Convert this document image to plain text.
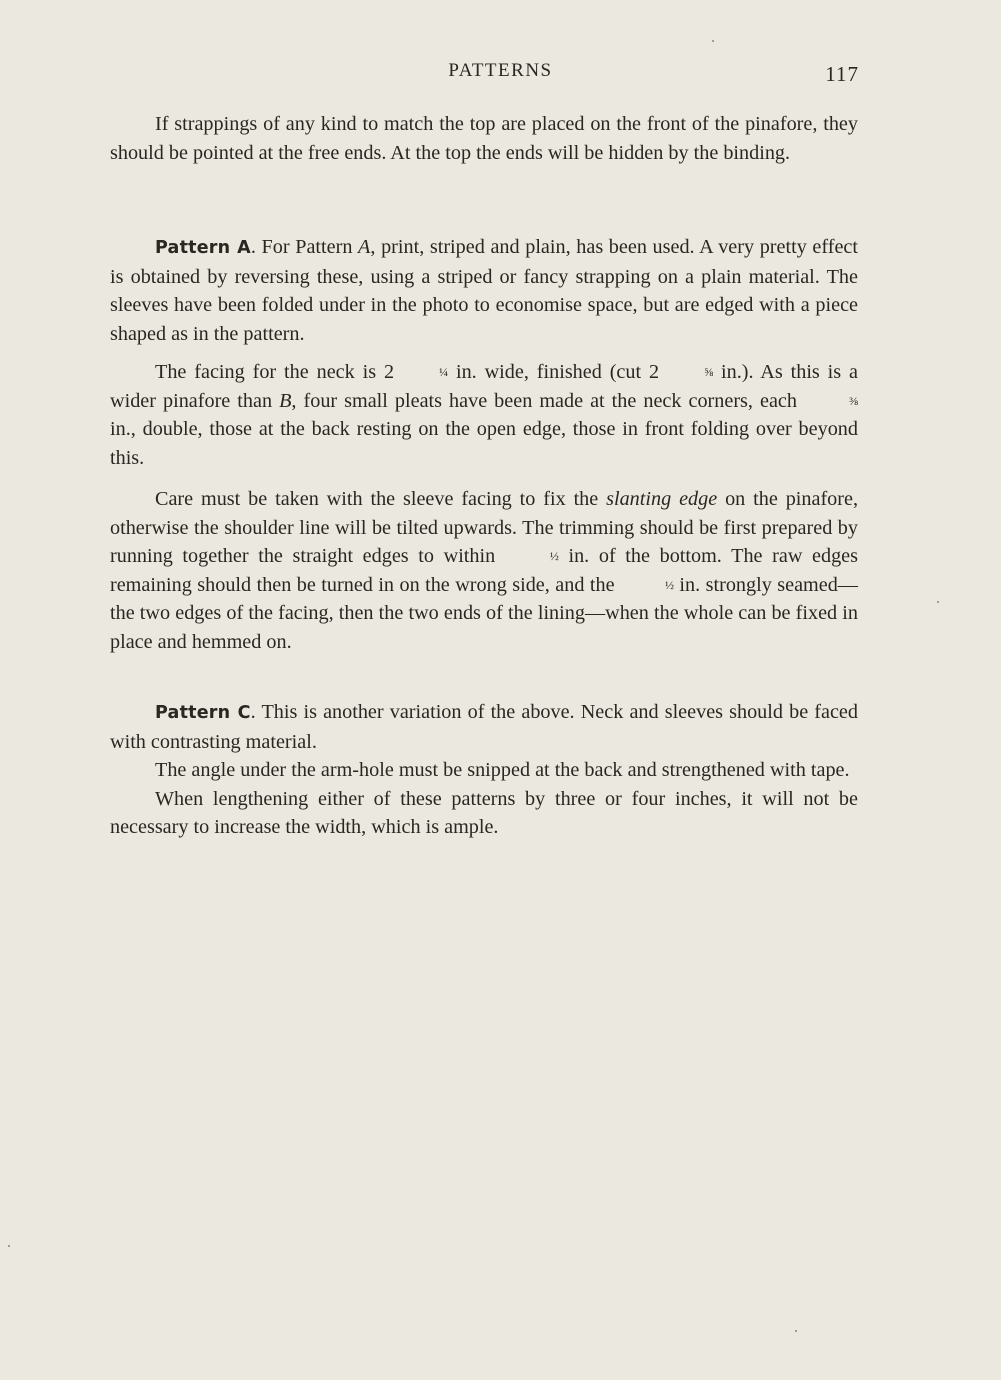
PATTERNS	117

If strappings of any kind to match the top are placed on the front of the pinafore, they should be pointed at the free ends. At the top the ends will be hidden by the binding.

Pattern A. For Pattern A, print, striped and plain, has been used. A very pretty effect is obtained by reversing these, using a striped or fancy strapping on a plain material. The sleeves have been folded under in the photo to economise space, but are edged with a piece shaped as in the pattern.

The facing for the neck is 2	¼ in. wide, finished (cut 2	⅝ in.). As this is a wider pinafore than B, four small pleats have been made at the neck corners, each	⅜ in., double, those at the back resting on the open edge, those in front folding over beyond this.

Care must be taken with the sleeve facing to fix the slanting edge on the pinafore, otherwise the shoulder line will be tilted upwards. The trimming should be first prepared by running together the straight edges to within	½ in. of the bottom. The raw edges remaining should then be turned in on the wrong side, and the	½ in. strongly seamed—the two edges of the facing, then the two ends of the lining—when the whole can be fixed in place and hemmed on.

Pattern C. This is another variation of the above. Neck and sleeves should be faced with contrasting material.

The angle under the arm-hole must be snipped at the back and strengthened with tape.

When lengthening either of these patterns by three or four inches, it will not be necessary to increase the width, which is ample.
